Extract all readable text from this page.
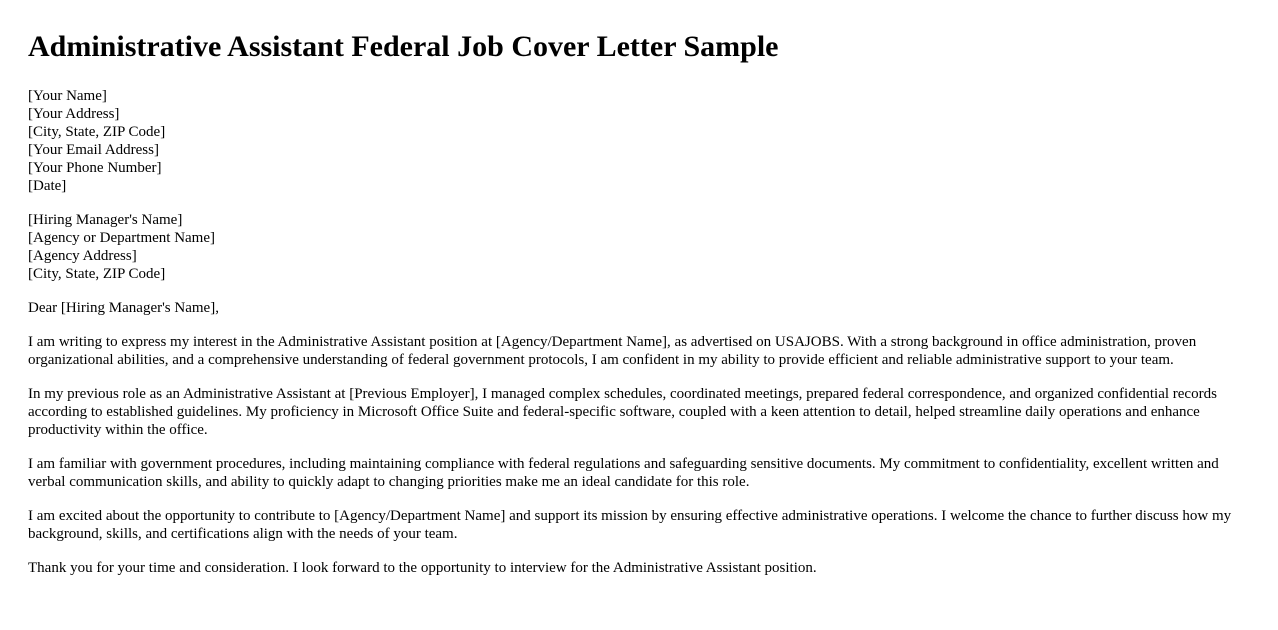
Administrative Assistant Federal Job Cover Letter Sample
[Your Name]
[Your Address]
[City, State, ZIP Code]
[Your Email Address]
[Your Phone Number]
[Date]
[Hiring Manager's Name]
[Agency or Department Name]
[Agency Address]
[City, State, ZIP Code]
Dear [Hiring Manager's Name],

I am writing to express my interest in the Administrative Assistant position at [Agency/Department Name], as advertised on USAJOBS. With a strong background in office administration, proven organizational abilities, and a comprehensive understanding of federal government protocols, I am confident in my ability to provide efficient and reliable administrative support to your team.

In my previous role as an Administrative Assistant at [Previous Employer], I managed complex schedules, coordinated meetings, prepared federal correspondence, and organized confidential records according to established guidelines. My proficiency in Microsoft Office Suite and federal-specific software, coupled with a keen attention to detail, helped streamline daily operations and enhance productivity within the office.

I am familiar with government procedures, including maintaining compliance with federal regulations and safeguarding sensitive documents. My commitment to confidentiality, excellent written and verbal communication skills, and ability to quickly adapt to changing priorities make me an ideal candidate for this role.

I am excited about the opportunity to contribute to [Agency/Department Name] and support its mission by ensuring effective administrative operations. I welcome the chance to further discuss how my background, skills, and certifications align with the needs of your team.

Thank you for your time and consideration. I look forward to the opportunity to interview for the Administrative Assistant position.
